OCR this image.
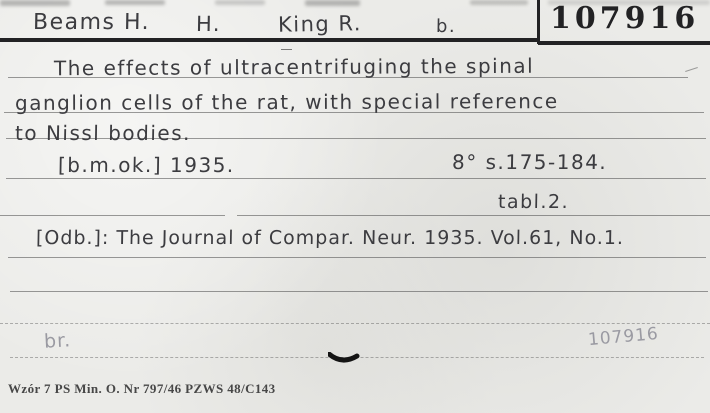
107916
Beams H. H.	King R.	b.
The effects of ultracentrifuging the spinal
ganglion cells of the rat, with special reference
to Nissl bodies.
[b.m.ok.] 1935.	8° s.175-184.
tabl.2.
[Odb.]: The Journal of Compar. Neur. 1935. Vol.61, No.1.
br.	107916
Wzór 7 PS Min. O. Nr 797/46 PZWS 48/C143
